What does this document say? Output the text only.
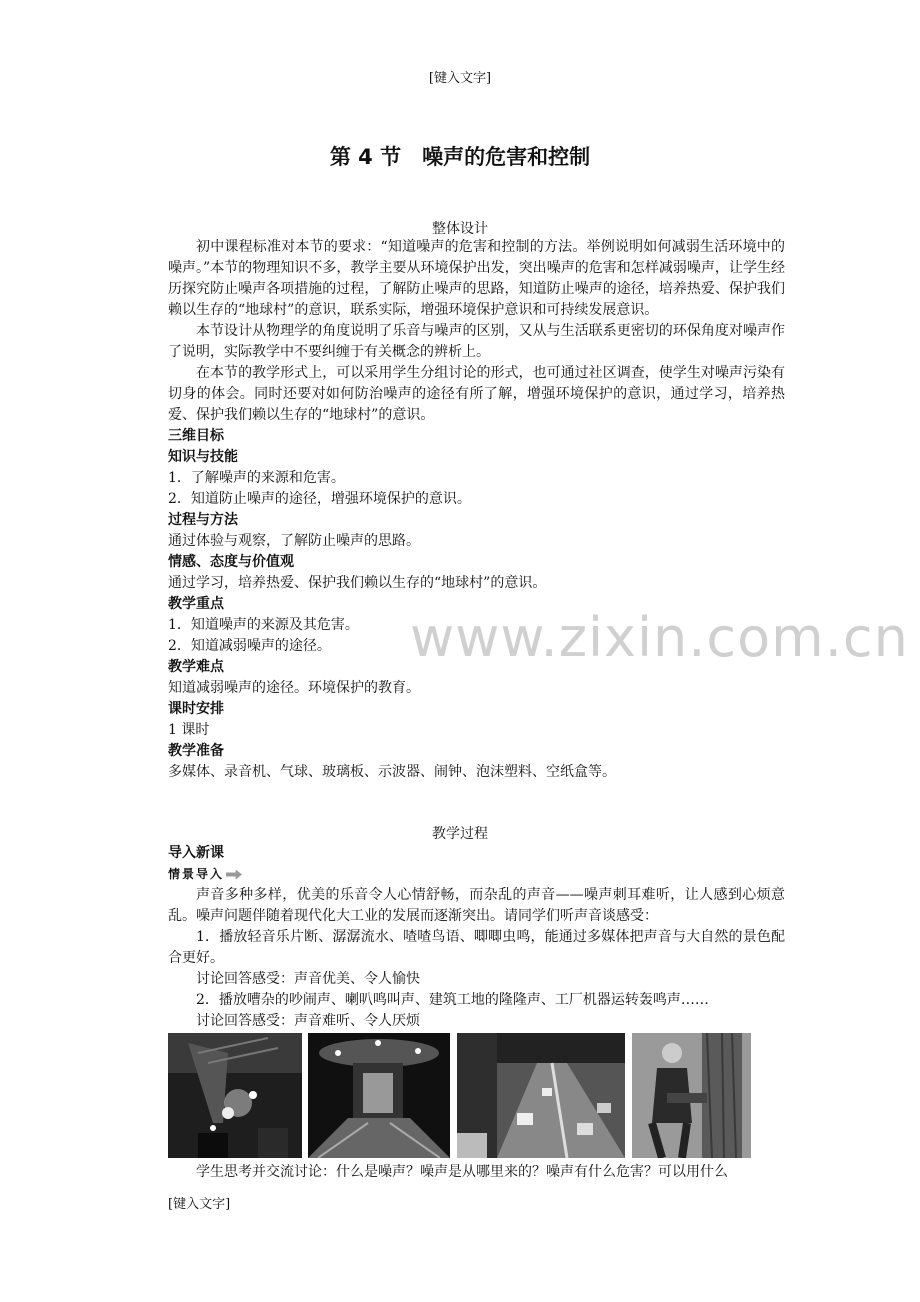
[键入文字]
第 4 节　噪声的危害和控制
整体设计

初中课程标准对本节的要求：“知道噪声的危害和控制的方法。举例说明如何减弱生活环境中的噪声。”本节的物理知识不多，教学主要从环境保护出发，突出噪声的危害和怎样减弱噪声，让学生经历探究防止噪声各项措施的过程，了解防止噪声的思路，知道防止噪声的途径，培养热爱、保护我们赖以生存的“地球村”的意识，联系实际，增强环境保护意识和可持续发展意识。

本节设计从物理学的角度说明了乐音与噪声的区别，又从与生活联系更密切的环保角度对噪声作了说明，实际教学中不要纠缠于有关概念的辨析上。

在本节的教学形式上，可以采用学生分组讨论的形式，也可通过社区调查，使学生对噪声污染有切身的体会。同时还要对如何防治噪声的途径有所了解，增强环境保护的意识，通过学习，培养热爱、保护我们赖以生存的“地球村”的意识。

三维目标

知识与技能

1．了解噪声的来源和危害。

2．知道防止噪声的途径，增强环境保护的意识。

过程与方法

通过体验与观察，了解防止噪声的思路。

情感、态度与价值观

通过学习，培养热爱、保护我们赖以生存的“地球村”的意识。

教学重点

1．知道噪声的来源及其危害。

2．知道减弱噪声的途径。

教学难点

知道减弱噪声的途径。环境保护的教育。

课时安排

1 课时

教学准备

多媒体、录音机、气球、玻璃板、示波器、闹钟、泡沫塑料、空纸盒等。

www.zixin.com.cn
教学过程

导入新课

情景导入

声音多种多样，优美的乐音令人心情舒畅，而杂乱的声音——噪声刺耳难听，让人感到心烦意乱。噪声问题伴随着现代化大工业的发展而逐渐突出。请同学们听声音谈感受：

1．播放轻音乐片断、潺潺流水、喳喳鸟语、唧唧虫鸣，能通过多媒体把声音与大自然的景色配合更好。

讨论回答感受：声音优美、令人愉快

2．播放嘈杂的吵闹声、喇叭鸣叫声、建筑工地的隆隆声、工厂机器运转轰鸣声……

讨论回答感受：声音难听、令人厌烦

学生思考并交流讨论：什么是噪声？噪声是从哪里来的？噪声有什么危害？可以用什么

[键入文字]
